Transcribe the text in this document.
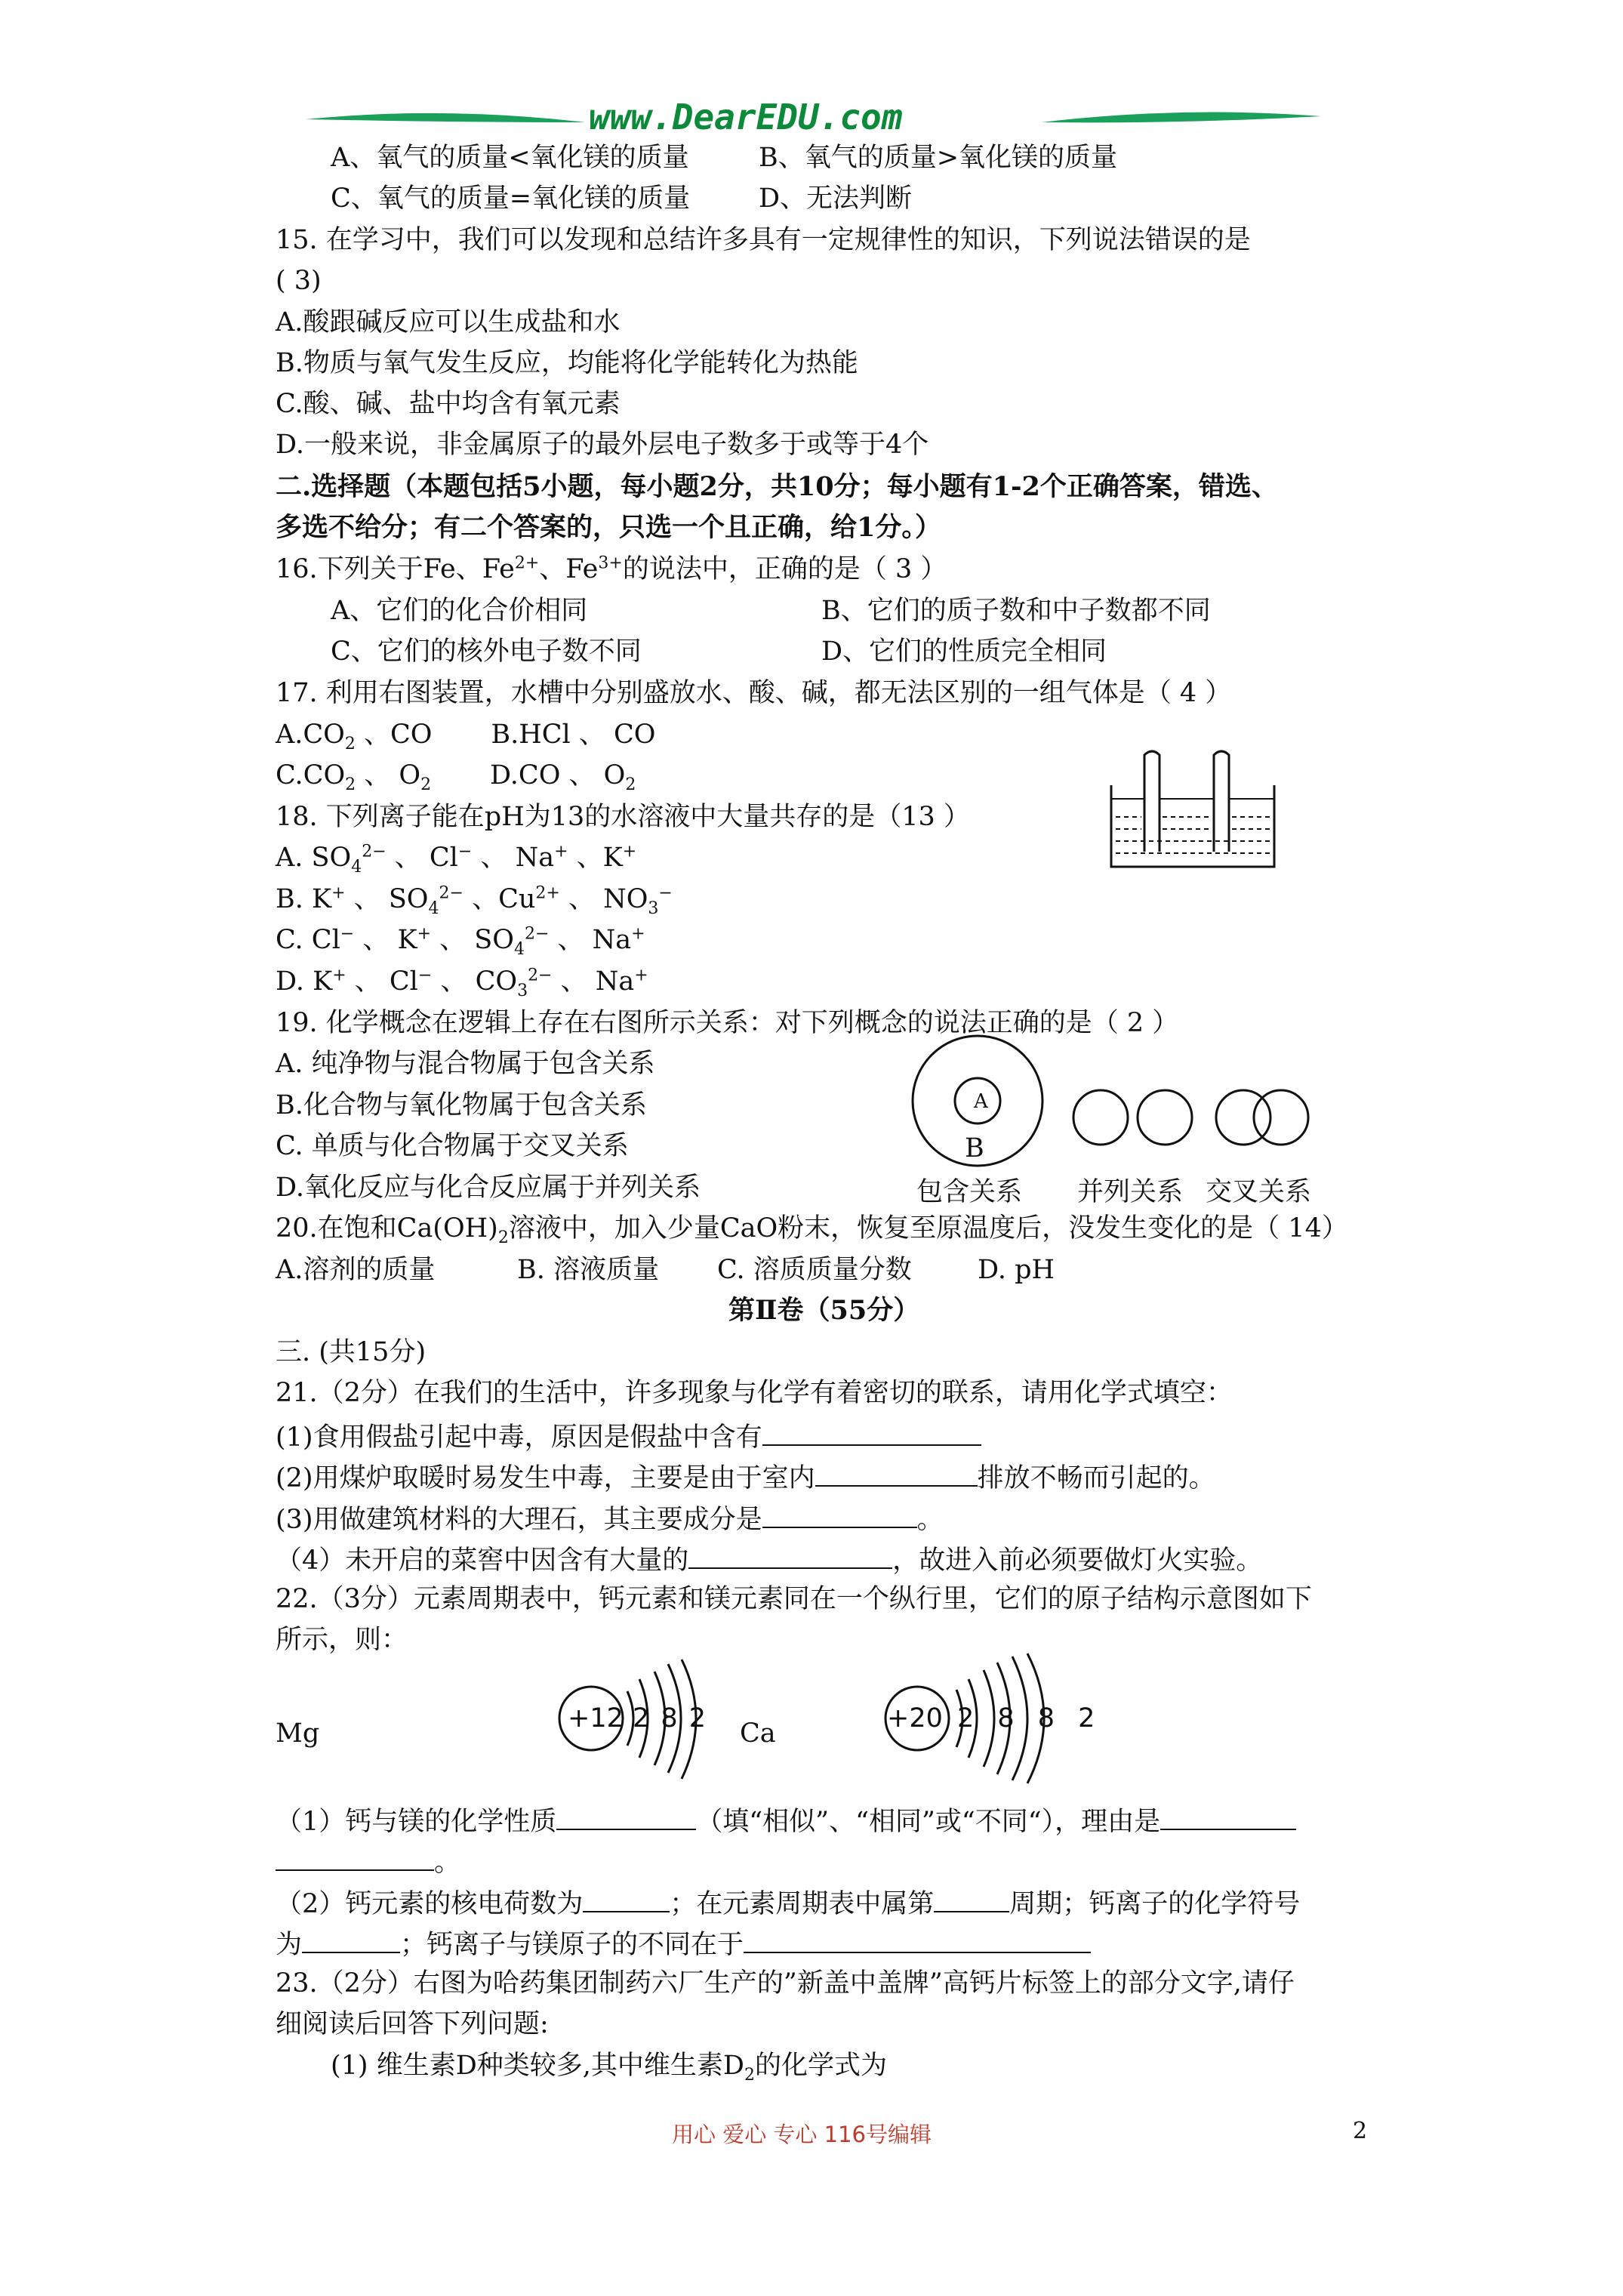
www.DearEDU.com
A、氧气的质量<氧化镁的质量	B、氧气的质量>氧化镁的质量
C、氧气的质量=氧化镁的质量	D、无法判断
15. 在学习中，我们可以发现和总结许多具有一定规律性的知识，下列说法错误的是
( 3)
A.酸跟碱反应可以生成盐和水
B.物质与氧气发生反应，均能将化学能转化为热能
C.酸、碱、盐中均含有氧元素
D.一般来说，非金属原子的最外层电子数多于或等于4个
二.选择题（本题包括5小题，每小题2分，共10分；每小题有1-2个正确答案，错选、
多选不给分；有二个答案的，只选一个且正确，给1分。）
16.下列关于Fe、$Fe^{2+}$、$Fe^{3+}$的说法中，正确的是（ 3 ）
A、它们的化合价相同	B、它们的质子数和中子数都不同
C、它们的核外电子数不同	D、它们的性质完全相同
17. 利用右图装置，水槽中分别盛放水、酸、碱，都无法区别的一组气体是（ 4 ）
$A.CO_2$ 、CO       B.HCl 、 CO
$C.CO_2$ 、 $O_2$       D.CO 、 $O_2$
18. 下列离子能在pH为13的水溶液中大量共存的是（13 ）
A. $SO_4^{2-}$ 、 Cl− 、 Na+ 、K+
B. K+ 、 $SO_4^{2-}$ 、$Cu^{2+}$ 、 $NO_3^-$
C. Cl− 、 K+ 、 $SO_4^{2-}$ 、 Na+
D. K+ 、 Cl− 、 $CO_3^{2-}$ 、 Na+
19. 化学概念在逻辑上存在右图所示关系：对下列概念的说法正确的是（ 2 ）
A. 纯净物与混合物属于包含关系
B.化合物与氧化物属于包含关系
C. 单质与化合物属于交叉关系
D.氧化反应与化合反应属于并列关系
A
B
包含关系 并列关系 交叉关系
20.在饱和$Ca(OH)_2$溶液中，加入少量CaO粉末，恢复至原温度后，没发生变化的是（ 14）
A.溶剂的质量	B. 溶液质量 C. 溶质质量分数 D. pH
第Ⅱ卷（55分）
三. (共15分)
21.（2分）在我们的生活中，许多现象与化学有着密切的联系，请用化学式填空：
(1)食用假盐引起中毒，原因是假盐中含有
(2)用煤炉取暖时易发生中毒，主要是由于室内	排放不畅而引起的。
(3)用做建筑材料的大理石，其主要成分是	。
（4）未开启的菜窖中因含有大量的	，故进入前必须要做灯火实验。
22.（3分）元素周期表中，钙元素和镁元素同在一个纵行里，它们的原子结构示意图如下
所示，则：
Mg	+12 2 8 2 Ca	+20 2 8 8 2
（1）钙与镁的化学性质	（填“相似”、“相同”或“不同“），理由是
。
（2）钙元素的核电荷数为	；在元素周期表中属第	周期；钙离子的化学符号
为	；钙离子与镁原子的不同在于
23.（2分）右图为哈药集团制药六厂生产的”新盖中盖牌”高钙片标签上的部分文字,请仔
细阅读后回答下列问题:
(1) 维生素D种类较多,其中维生素$D_2$的化学式为
用心 爱心 专心 116号编辑	2
